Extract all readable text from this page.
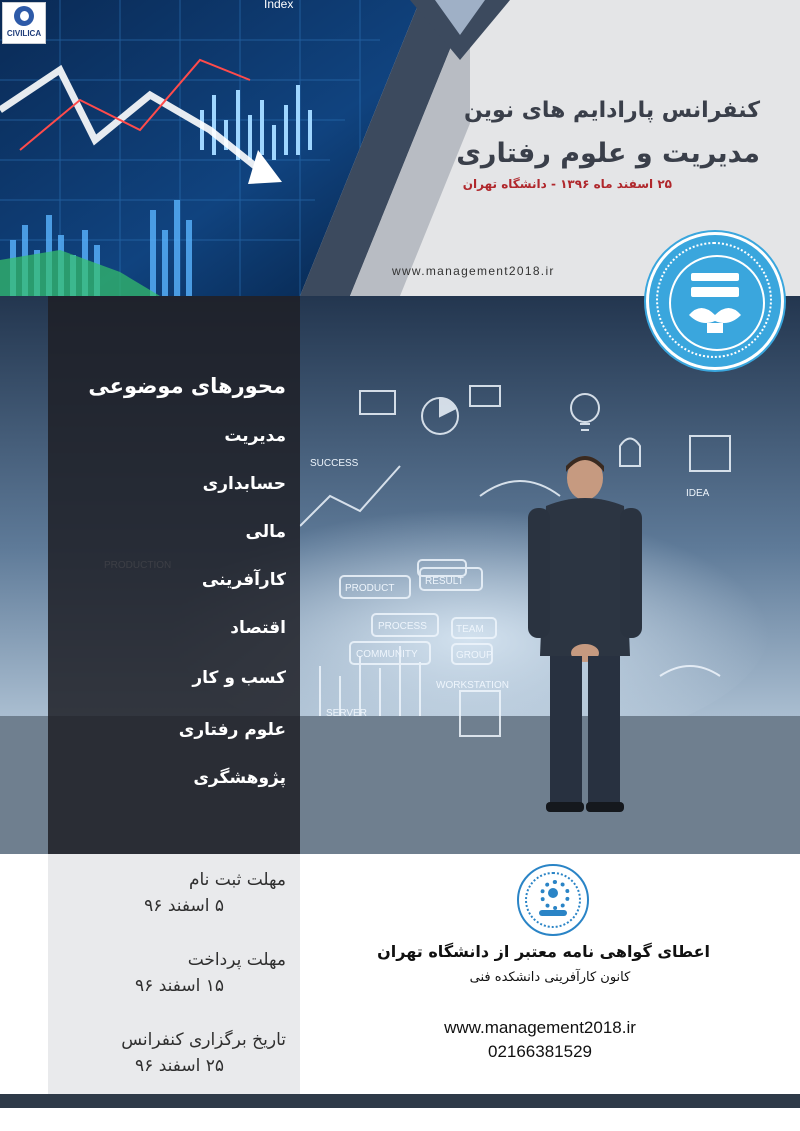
CIVILICA
Index
کنفرانس پارادایم های نوین
مدیریت و علوم رفتاری
۲۵ اسفند ماه ۱۳۹۶ - دانشگاه تهران
www.management2018.ir
SUCCESS
RESULT
PRODUCT
PROCESS	TEAM
COMMUNITY	GROUP
IDEA
WORKSTATION
SERVER
محورهای موضوعی
مدیریت
حسابداری
مالی
کارآفرینی
اقتصاد
کسب و کار
علوم رفتاری
پژوهشگری
مهلت ثبت نام
۵ اسفند ۹۶
مهلت پرداخت
۱۵ اسفند ۹۶
تاریخ برگزاری کنفرانس
۲۵ اسفند ۹۶
اعطای گواهی نامه معتبر از دانشگاه تهران
کانون کارآفرینی دانشکده فنی
www.management2018.ir
02166381529
